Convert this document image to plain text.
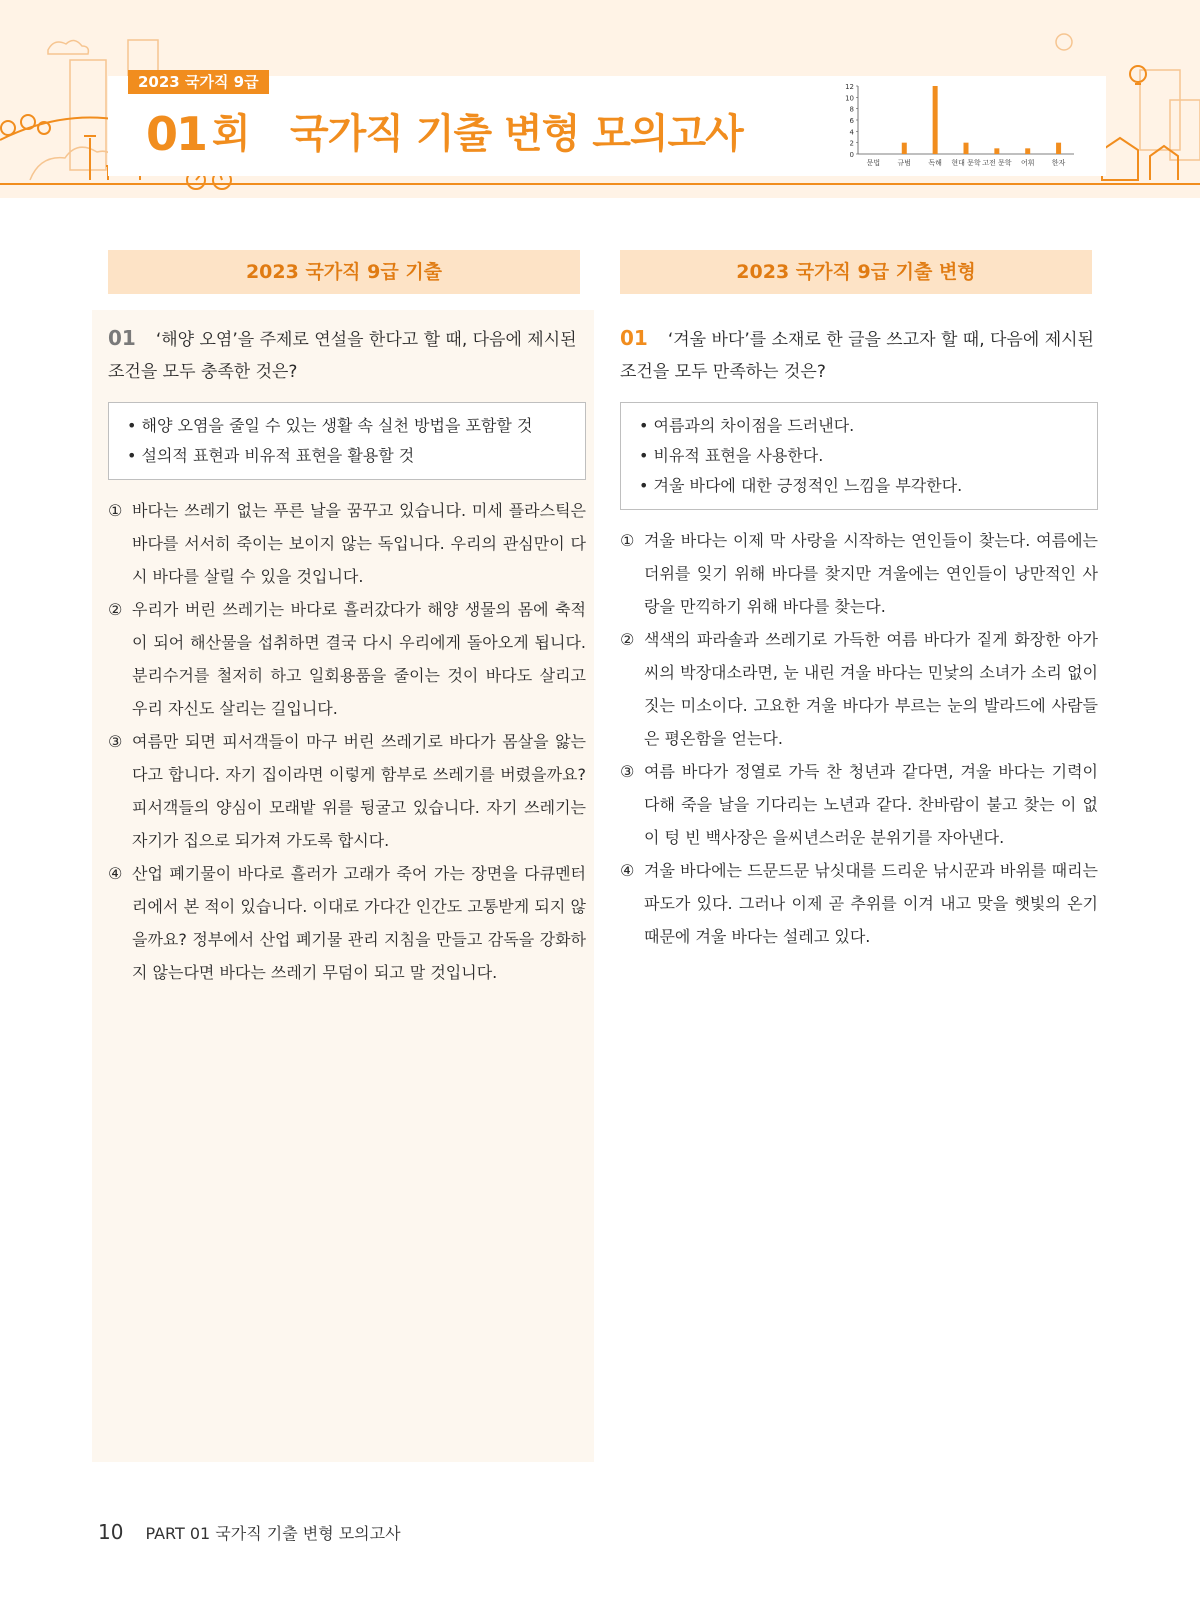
2023 국가직 9급
01 회 국가직 기출 변형 모의고사	0
2
4
6
8
10
12
문법 규범 독해 현대 문학 고전 문학 어휘 한자
2023 국가직 9급 기출	2023 국가직 9급 기출 변형

01 ‘해양 오염’을 주제로 연설을 한다고 할 때, 다음에 제시된 조건을 모두 충족한 것은?

• 해양 오염을 줄일 수 있는 생활 속 실천 방법을 포함할 것
• 설의적 표현과 비유적 표현을 활용할 것
① 바다는 쓰레기 없는 푸른 날을 꿈꾸고 있습니다. 미세 플라스틱은 바다를 서서히 죽이는 보이지 않는 독입니다. 우리의 관심만이 다시 바다를 살릴 수 있을 것입니다.
② 우리가 버린 쓰레기는 바다로 흘러갔다가 해양 생물의 몸에 축적이 되어 해산물을 섭취하면 결국 다시 우리에게 돌아오게 됩니다. 분리수거를 철저히 하고 일회용품을 줄이는 것이 바다도 살리고 우리 자신도 살리는 길입니다.
③ 여름만 되면 피서객들이 마구 버린 쓰레기로 바다가 몸살을 앓는다고 합니다. 자기 집이라면 이렇게 함부로 쓰레기를 버렸을까요? 피서객들의 양심이 모래밭 위를 뒹굴고 있습니다. 자기 쓰레기는 자기가 집으로 되가져 가도록 합시다.
④ 산업 폐기물이 바다로 흘러가 고래가 죽어 가는 장면을 다큐멘터리에서 본 적이 있습니다. 이대로 가다간 인간도 고통받게 되지 않을까요? 정부에서 산업 폐기물 관리 지침을 만들고 감독을 강화하지 않는다면 바다는 쓰레기 무덤이 되고 말 것입니다.

01 ‘겨울 바다’를 소재로 한 글을 쓰고자 할 때, 다음에 제시된 조건을 모두 만족하는 것은?

• 여름과의 차이점을 드러낸다.
• 비유적 표현을 사용한다.
• 겨울 바다에 대한 긍정적인 느낌을 부각한다.
① 겨울 바다는 이제 막 사랑을 시작하는 연인들이 찾는다. 여름에는 더위를 잊기 위해 바다를 찾지만 겨울에는 연인들이 낭만적인 사랑을 만끽하기 위해 바다를 찾는다.
② 색색의 파라솔과 쓰레기로 가득한 여름 바다가 짙게 화장한 아가씨의 박장대소라면, 눈 내린 겨울 바다는 민낯의 소녀가 소리 없이 짓는 미소이다. 고요한 겨울 바다가 부르는 눈의 발라드에 사람들은 평온함을 얻는다.
③ 여름 바다가 정열로 가득 찬 청년과 같다면, 겨울 바다는 기력이 다해 죽을 날을 기다리는 노년과 같다. 찬바람이 불고 찾는 이 없이 텅 빈 백사장은 을씨년스러운 분위기를 자아낸다.
④ 겨울 바다에는 드문드문 낚싯대를 드리운 낚시꾼과 바위를 때리는 파도가 있다. 그러나 이제 곧 추위를 이겨 내고 맞을 햇빛의 온기 때문에 겨울 바다는 설레고 있다.
10 PART 01 국가직 기출 변형 모의고사
